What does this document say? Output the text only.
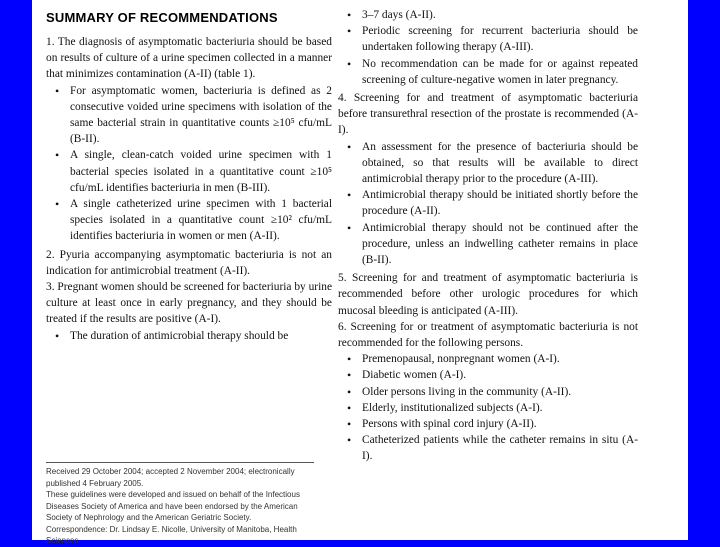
SUMMARY OF RECOMMENDATIONS

1. The diagnosis of asymptomatic bacteriuria should be based on results of culture of a urine specimen collected in a manner that minimizes contamination (A-II) (table 1).

• For asymptomatic women, bacteriuria is defined as 2 consecutive voided urine specimens with isolation of the same bacterial strain in quantitative counts ≥10⁵ cfu/mL (B-II).
• A single, clean-catch voided urine specimen with 1 bacterial species isolated in a quantitative count ≥10⁵ cfu/mL identifies bacteriuria in men (B-III).
• A single catheterized urine specimen with 1 bacterial species isolated in a quantitative count ≥10² cfu/mL identifies bacteriuria in women or men (A-II).

2. Pyuria accompanying asymptomatic bacteriuria is not an indication for antimicrobial treatment (A-II).

3. Pregnant women should be screened for bacteriuria by urine culture at least once in early pregnancy, and they should be treated if the results are positive (A-I).

• The duration of antimicrobial therapy should be

Received 29 October 2004; accepted 2 November 2004; electronically published 4 February 2005.

These guidelines were developed and issued on behalf of the Infectious Diseases Society of America and have been endorsed by the American Society of Nephrology and the American Geriatric Society.

Correspondence: Dr. Lindsay E. Nicolle, University of Manitoba, Health Sciences

• 3–7 days (A-II).
• Periodic screening for recurrent bacteriuria should be undertaken following therapy (A-III).
• No recommendation can be made for or against repeated screening of culture-negative women in later pregnancy.

4. Screening for and treatment of asymptomatic bacteriuria before transurethral resection of the prostate is recommended (A-I).

• An assessment for the presence of bacteriuria should be obtained, so that results will be available to direct antimicrobial therapy prior to the procedure (A-III).
• Antimicrobial therapy should be initiated shortly before the procedure (A-II).
• Antimicrobial therapy should not be continued after the procedure, unless an indwelling catheter remains in place (B-II).

5. Screening for and treatment of asymptomatic bacteriuria is recommended before other urologic procedures for which mucosal bleeding is anticipated (A-III).

6. Screening for or treatment of asymptomatic bacteriuria is not recommended for the following persons.

• Premenopausal, nonpregnant women (A-I).
• Diabetic women (A-I).
• Older persons living in the community (A-II).
• Elderly, institutionalized subjects (A-I).
• Persons with spinal cord injury (A-II).
• Catheterized patients while the catheter remains in situ (A-I).
